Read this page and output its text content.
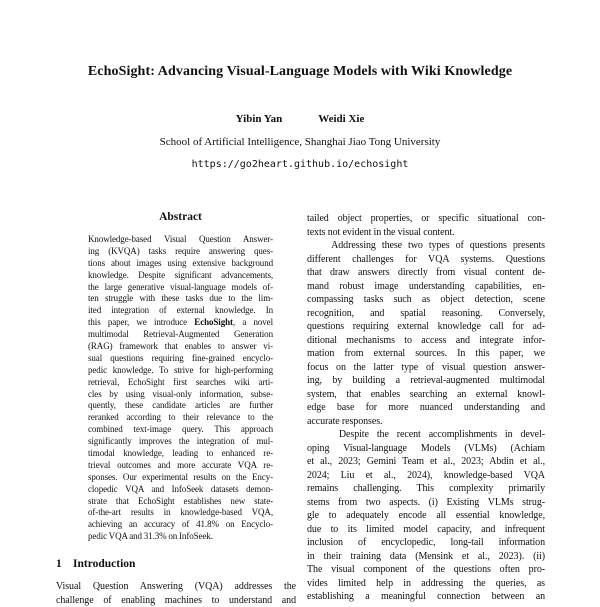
EchoSight: Advancing Visual-Language Models with Wiki Knowledge
Yibin Yan	Weidi Xie
School of Artificial Intelligence, Shanghai Jiao Tong University
https://go2heart.github.io/echosight
Abstract
Knowledge-based Visual Question Answer-
ing (KVQA) tasks require answering ques-
tions about images using extensive background
knowledge. Despite significant advancements,
the large generative visual-language models of-
ten struggle with these tasks due to the lim-
ited integration of external knowledge. In
this paper, we introduce EchoSight, a novel
multimodal Retrieval-Augmented Generation
(RAG) framework that enables to answer vi-
sual questions requiring fine-grained encyclo-
pedic knowledge. To strive for high-performing
retrieval, EchoSight first searches wiki arti-
cles by using visual-only information, subse-
quently, these candidate articles are further
reranked according to their relevance to the
combined text-image query. This approach
significantly improves the integration of mul-
timodal knowledge, leading to enhanced re-
trieval outcomes and more accurate VQA re-
sponses. Our experimental results on the Ency-
clopedic VQA and InfoSeek datasets demon-
strate that EchoSight establishes new state-
of-the-art results in knowledge-based VQA,
achieving an accuracy of 41.8% on Encyclo-
pedic VQA and 31.3% on InfoSeek.
1 Introduction
Visual Question Answering (VQA) addresses the
challenge of enabling machines to understand and
tailed object properties, or specific situational con-
texts not evident in the visual content.
Addressing these two types of questions presents
different challenges for VQA systems. Questions
that draw answers directly from visual content de-
mand robust image understanding capabilities, en-
compassing tasks such as object detection, scene
recognition, and spatial reasoning. Conversely,
questions requiring external knowledge call for ad-
ditional mechanisms to access and integrate infor-
mation from external sources. In this paper, we
focus on the latter type of visual question answer-
ing, by building a retrieval-augmented multimodal
system, that enables searching an external knowl-
edge base for more nuanced understanding and
accurate responses.
Despite the recent accomplishments in devel-
oping Visual-language Models (VLMs) (Achiam
et al., 2023; Gemini Team et al., 2023; Abdin et al.,
2024; Liu et al., 2024), knowledge-based VQA
remains challenging. This complexity primarily
stems from two aspects. (i) Existing VLMs strug-
gle to adequately encode all essential knowledge,
due to its limited model capacity, and infrequent
inclusion of encyclopedic, long-tail information
in their training data (Mensink et al., 2023). (ii)
The visual component of the questions often pro-
vides limited help in addressing the queries, as
establishing a meaningful connection between an
